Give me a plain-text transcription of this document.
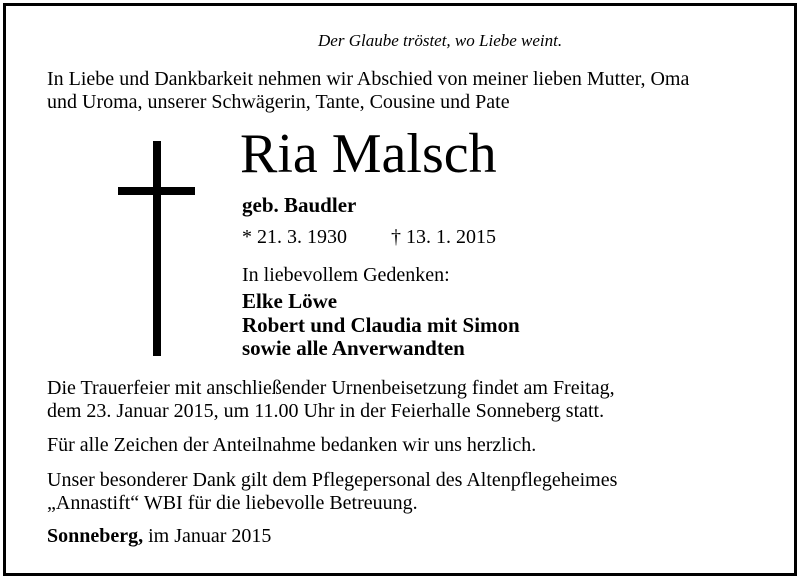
Der Glaube tröstet, wo Liebe weint.
In Liebe und Dankbarkeit nehmen wir Abschied von meiner lieben Mutter, Oma
und Uroma, unserer Schwägerin, Tante, Cousine und Pate
Ria Malsch
geb. Baudler
* 21. 3. 1930 † 13. 1. 2015
In liebevollem Gedenken:
Elke Löwe
Robert und Claudia mit Simon
sowie alle Anverwandten
Die Trauerfeier mit anschließender Urnenbeisetzung findet am Freitag,
dem 23. Januar 2015, um 11.00 Uhr in der Feierhalle Sonneberg statt.
Für alle Zeichen der Anteilnahme bedanken wir uns herzlich.
Unser besonderer Dank gilt dem Pflegepersonal des Altenpflegeheimes
„Annastift“ WBI für die liebevolle Betreuung.
Sonneberg, im Januar 2015
